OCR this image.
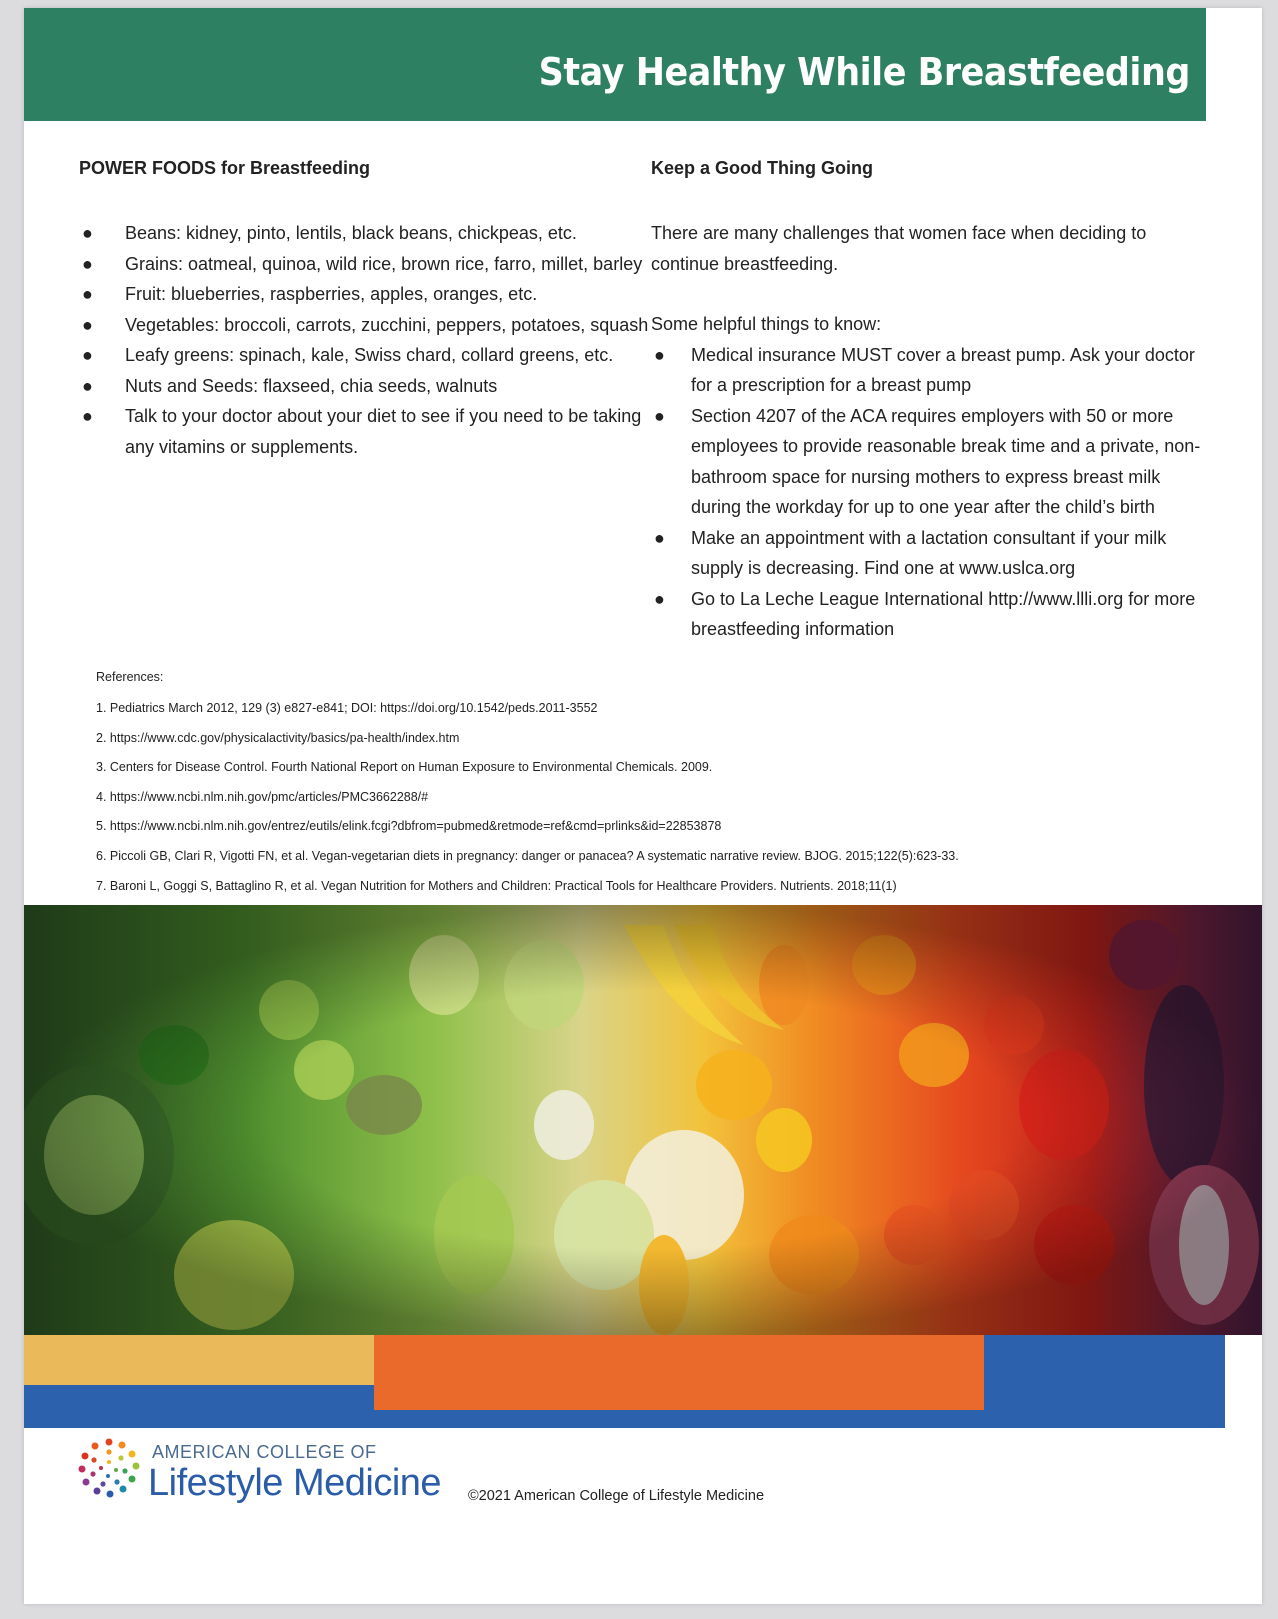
Stay Healthy While Breastfeeding
POWER FOODS for Breastfeeding
● Beans: kidney, pinto, lentils, black beans, chickpeas, etc.
● Grains: oatmeal, quinoa, wild rice, brown rice, farro, millet, barley
● Fruit: blueberries, raspberries, apples, oranges, etc.
● Vegetables: broccoli, carrots, zucchini, peppers, potatoes, squash
● Leafy greens: spinach, kale, Swiss chard, collard greens, etc.
● Nuts and Seeds: flaxseed, chia seeds, walnuts
● Talk to your doctor about your diet to see if you need to be taking any vitamins or supplements.
Keep a Good Thing Going

There are many challenges that women face when deciding to continue breastfeeding.

Some helpful things to know:

● Medical insurance MUST cover a breast pump. Ask your doctor for a prescription for a breast pump
● Section 4207 of the ACA requires employers with 50 or more employees to provide reasonable break time and a private, non-bathroom space for nursing mothers to express breast milk during the workday for up to one year after the child’s birth
● Make an appointment with a lactation consultant if your milk supply is decreasing. Find one at www.uslca.org
● Go to La Leche League International http://www.llli.org for more breastfeeding information
References:
1. Pediatrics March 2012, 129 (3) e827-e841; DOI: https://doi.org/10.1542/peds.2011-3552
2. https://www.cdc.gov/physicalactivity/basics/pa-health/index.htm
3. Centers for Disease Control. Fourth National Report on Human Exposure to Environmental Chemicals. 2009.
4. https://www.ncbi.nlm.nih.gov/pmc/articles/PMC3662288/#
5. https://www.ncbi.nlm.nih.gov/entrez/eutils/elink.fcgi?dbfrom=pubmed&retmode=ref&cmd=prlinks&id=22853878
6. Piccoli GB, Clari R, Vigotti FN, et al. Vegan-vegetarian diets in pregnancy: danger or panacea? A systematic narrative review. BJOG. 2015;122(5):623-33.
7. Baroni L, Goggi S, Battaglino R, et al. Vegan Nutrition for Mothers and Children: Practical Tools for Healthcare Providers. Nutrients. 2018;11(1)
AMERICAN COLLEGE OF
Lifestyle Medicine ©2021 American College of Lifestyle Medicine
